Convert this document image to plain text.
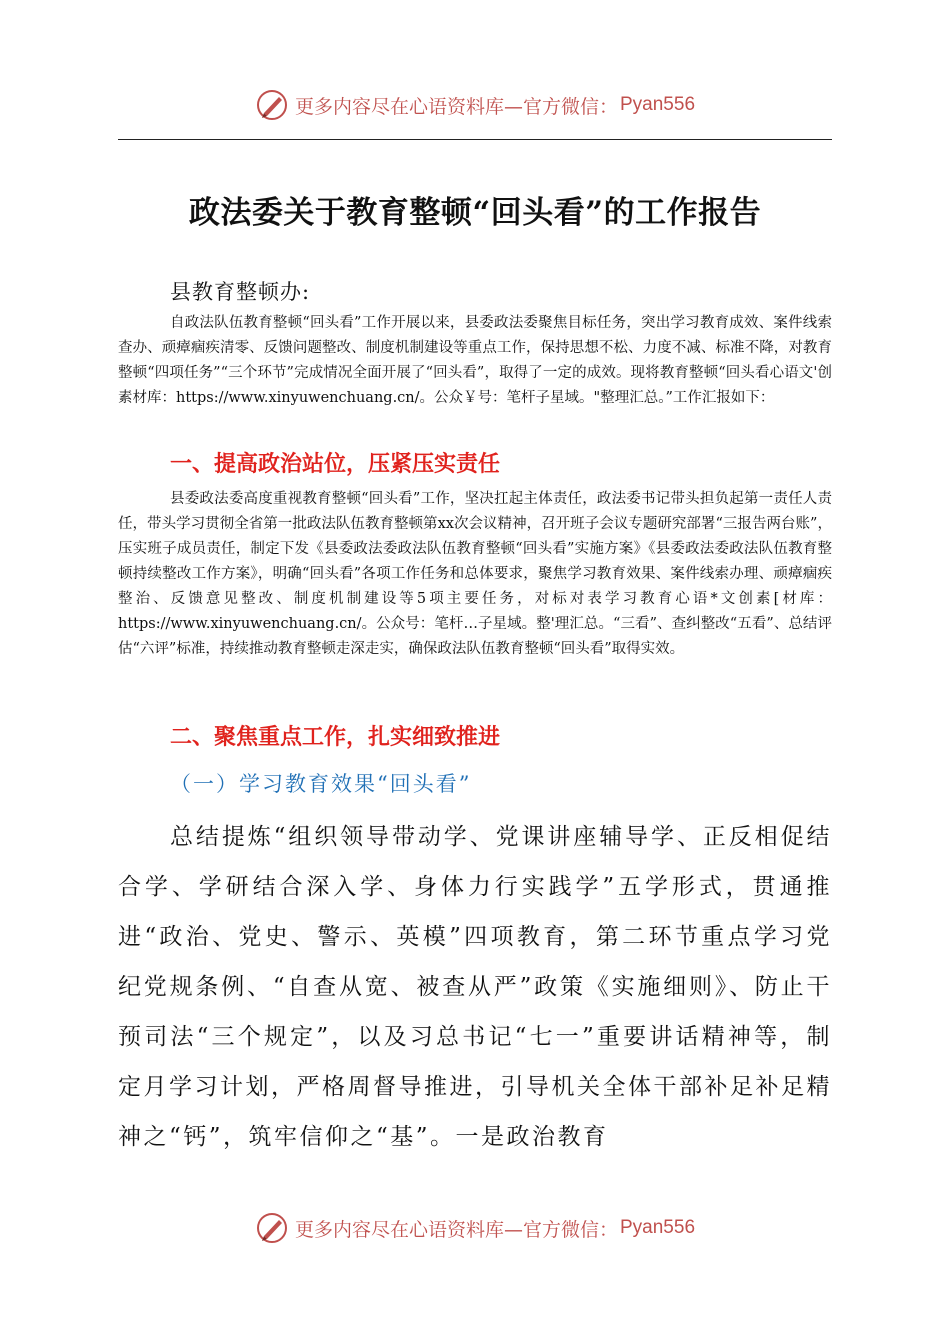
更多内容尽在心语资料库—官方微信： Pyan556
政法委关于教育整顿“回头看”的工作报告
县教育整顿办:

自政法队伍教育整顿“回头看”工作开展以来，县委政法委聚焦目标任务，突出学习教育成效、案件线索查办、顽瘴痼疾清零、反馈问题整改、制度机制建设等重点工作，保持思想不松、力度不减、标准不降，对教育整顿“四项任务”“三个环节”完成情况全面开展了“回头看”，取得了一定的成效。现将教育整顿“回头看心语文'创素材库：https://www.xinyuwenchuang.cn/。公众￥号：笔杆子星域。"整理汇总。”工作汇报如下：

一、提高政治站位，压紧压实责任

县委政法委高度重视教育整顿“回头看”工作，坚决扛起主体责任，政法委书记带头担负起第一责任人责任，带头学习贯彻全省第一批政法队伍教育整顿第xx次会议精神，召开班子会议专题研究部署“三报告两台账”，压实班子成员责任，制定下发《县委政法委政法队伍教育整顿“回头看”实施方案》《县委政法委政法队伍教育整顿持续整改工作方案》，明确“回头看”各项工作任务和总体要求，聚焦学习教育效果、案件线索办理、顽瘴痼疾整治、反馈意见整改、制度机制建设等5项主要任务，对标对表学习教育心语*文创素[材库：https://www.xinyuwenchuang.cn/。公众号：笔杆…子星域。整'理汇总。“三看”、查纠整改“五看”、总结评估“六评”标准，持续推动教育整顿走深走实，确保政法队伍教育整顿“回头看”取得实效。

二、聚焦重点工作，扎实细致推进
（一）学习教育效果“回头看”

总结提炼“组织领导带动学、党课讲座辅导学、正反相促结合学、学研结合深入学、身体力行实践学”五学形式，贯通推进“政治、党史、警示、英模”四项教育，第二环节重点学习党纪党规条例、“自查从宽、被查从严”政策《实施细则》、防止干预司法“三个规定”，以及习总书记“七一”重要讲话精神等，制定月学习计划，严格周督导推进，引导机关全体干部补足补足精神之“钙”，筑牢信仰之“基”。一是政治教育

更多内容尽在心语资料库—官方微信： Pyan556
